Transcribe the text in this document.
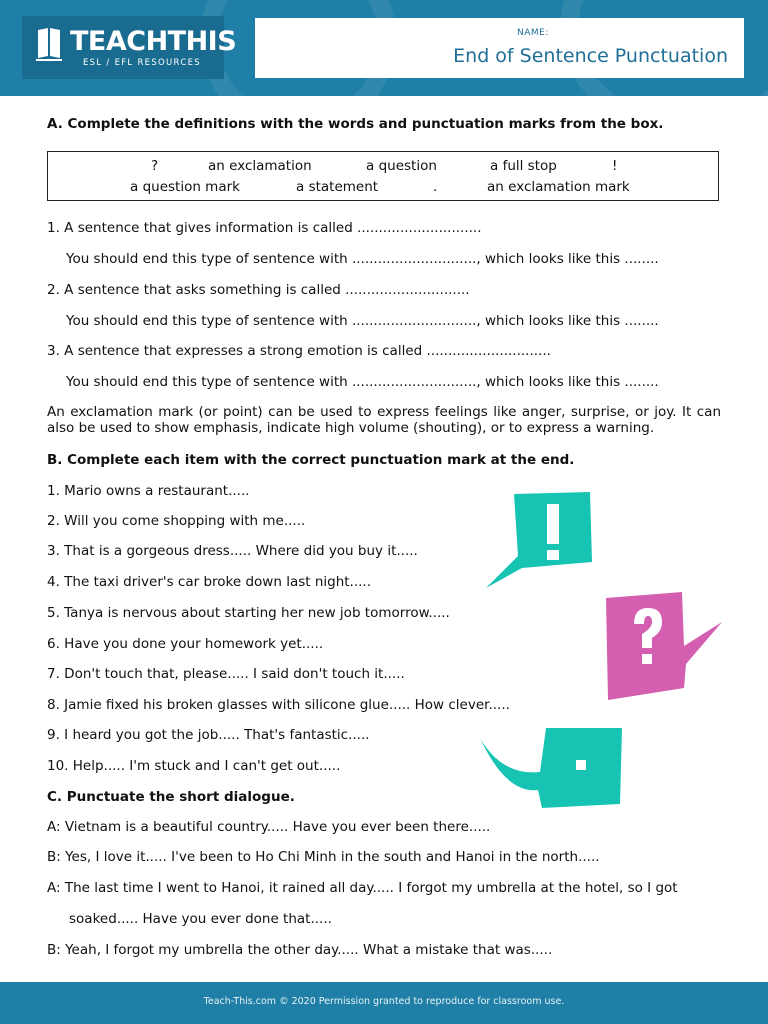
TEACHTHIS
ESL / EFL RESOURCES
NAME:
End of Sentence Punctuation
A. Complete the definitions with the words and punctuation marks from the box.
?	an exclamation	a question	a full stop	!
a question mark	a statement	.	an exclamation mark
1. A sentence that gives information is called .............................
You should end this type of sentence with ............................., which looks like this ........
2. A sentence that asks something is called .............................
You should end this type of sentence with ............................., which looks like this ........
3. A sentence that expresses a strong emotion is called .............................
You should end this type of sentence with ............................., which looks like this ........
An exclamation mark (or point) can be used to express feelings like anger, surprise, or joy. It can also be used to show emphasis, indicate high volume (shouting), or to express a warning.
B. Complete each item with the correct punctuation mark at the end.
1. Mario owns a restaurant.....
2. Will you come shopping with me.....
3. That is a gorgeous dress..... Where did you buy it.....
4. The taxi driver's car broke down last night.....
5. Tanya is nervous about starting her new job tomorrow.....
6. Have you done your homework yet.....
7. Don't touch that, please..... I said don't touch it.....
8. Jamie fixed his broken glasses with silicone glue..... How clever.....
9. I heard you got the job..... That's fantastic.....
10. Help..... I'm stuck and I can't get out.....
C. Punctuate the short dialogue.
A: Vietnam is a beautiful country..... Have you ever been there.....
B: Yes, I love it..... I've been to Ho Chi Minh in the south and Hanoi in the north.....
A: The last time I went to Hanoi, it rained all day..... I forgot my umbrella at the hotel, so I got
soaked..... Have you ever done that.....
B: Yeah, I forgot my umbrella the other day..... What a mistake that was.....
Teach-This.com © 2020 Permission granted to reproduce for classroom use.
